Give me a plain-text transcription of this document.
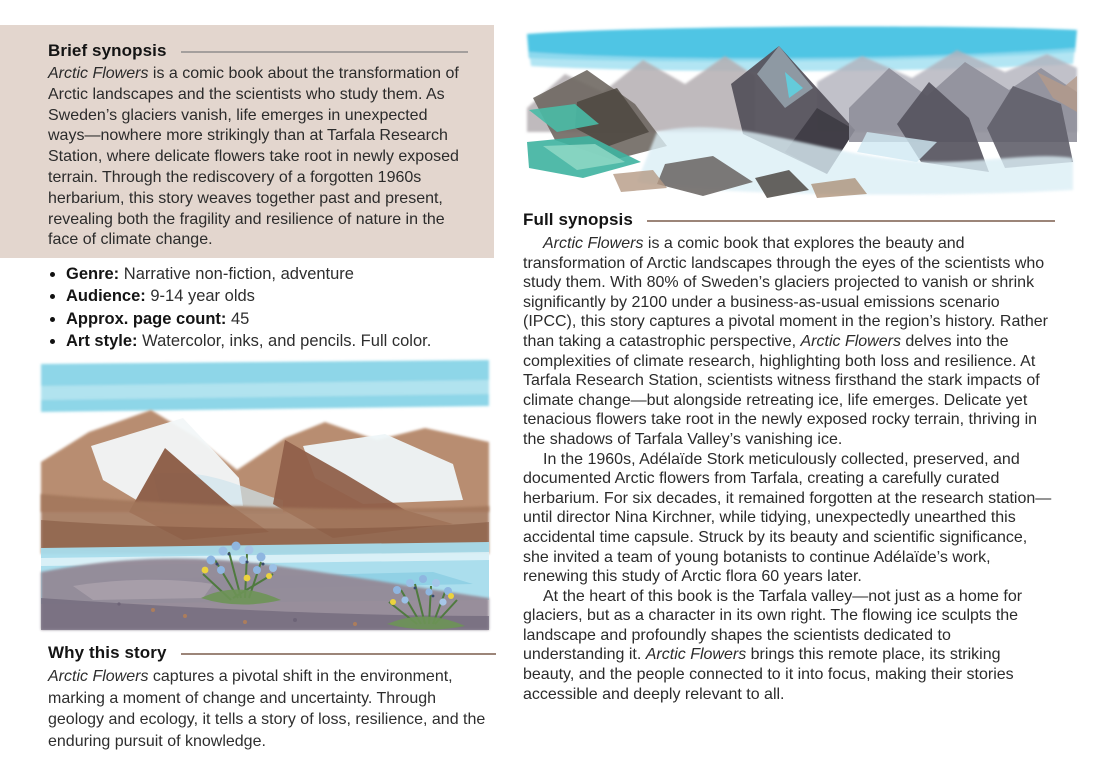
Brief synopsis

Arctic Flowers is a comic book about the transformation of Arctic landscapes and the scientists who study them. As Sweden’s glaciers vanish, life emerges in unexpected ways—nowhere more strikingly than at Tarfala Research Station, where delicate flowers take root in newly exposed terrain. Through the rediscovery of a forgotten 1960s herbarium, this story weaves together past and present, revealing both the fragility and resilience of nature in the face of climate change.

• Genre: Narrative non-fiction, adventure
• Audience: 9-14 year olds
• Approx. page count: 45
• Art style: Watercolor, inks, and pencils. Full color.
Why this story

Arctic Flowers captures a pivotal shift in the environment, marking a moment of change and uncertainty. Through geology and ecology, it tells a story of loss, resilience, and the enduring pursuit of knowledge.

Full synopsis

Arctic Flowers is a comic book that explores the beauty and transformation of Arctic landscapes through the eyes of the scientists who study them. With 80% of Sweden’s glaciers projected to vanish or shrink significantly by 2100 under a business-as-usual emissions scenario (IPCC), this story captures a pivotal moment in the region’s history. Rather than taking a catastrophic perspective, Arctic Flowers delves into the complexities of climate research, highlighting both loss and resilience. At Tarfala Research Station, scientists witness firsthand the stark impacts of climate change—but alongside retreating ice, life emerges. Delicate yet tenacious flowers take root in the newly exposed rocky terrain, thriving in the shadows of Tarfala Valley’s vanishing ice.

In the 1960s, Adélaïde Stork meticulously collected, preserved, and documented Arctic flowers from Tarfala, creating a carefully curated herbarium. For six decades, it remained forgotten at the research station—until director Nina Kirchner, while tidying, unexpectedly unearthed this accidental time capsule. Struck by its beauty and scientific significance, she invited a team of young botanists to continue Adélaïde’s work, renewing this study of Arctic flora 60 years later.

At the heart of this book is the Tarfala valley—not just as a home for glaciers, but as a character in its own right. The flowing ice sculpts the landscape and profoundly shapes the scientists dedicated to understanding it. Arctic Flowers brings this remote place, its striking beauty, and the people connected to it into focus, making their stories accessible and deeply relevant to all.
